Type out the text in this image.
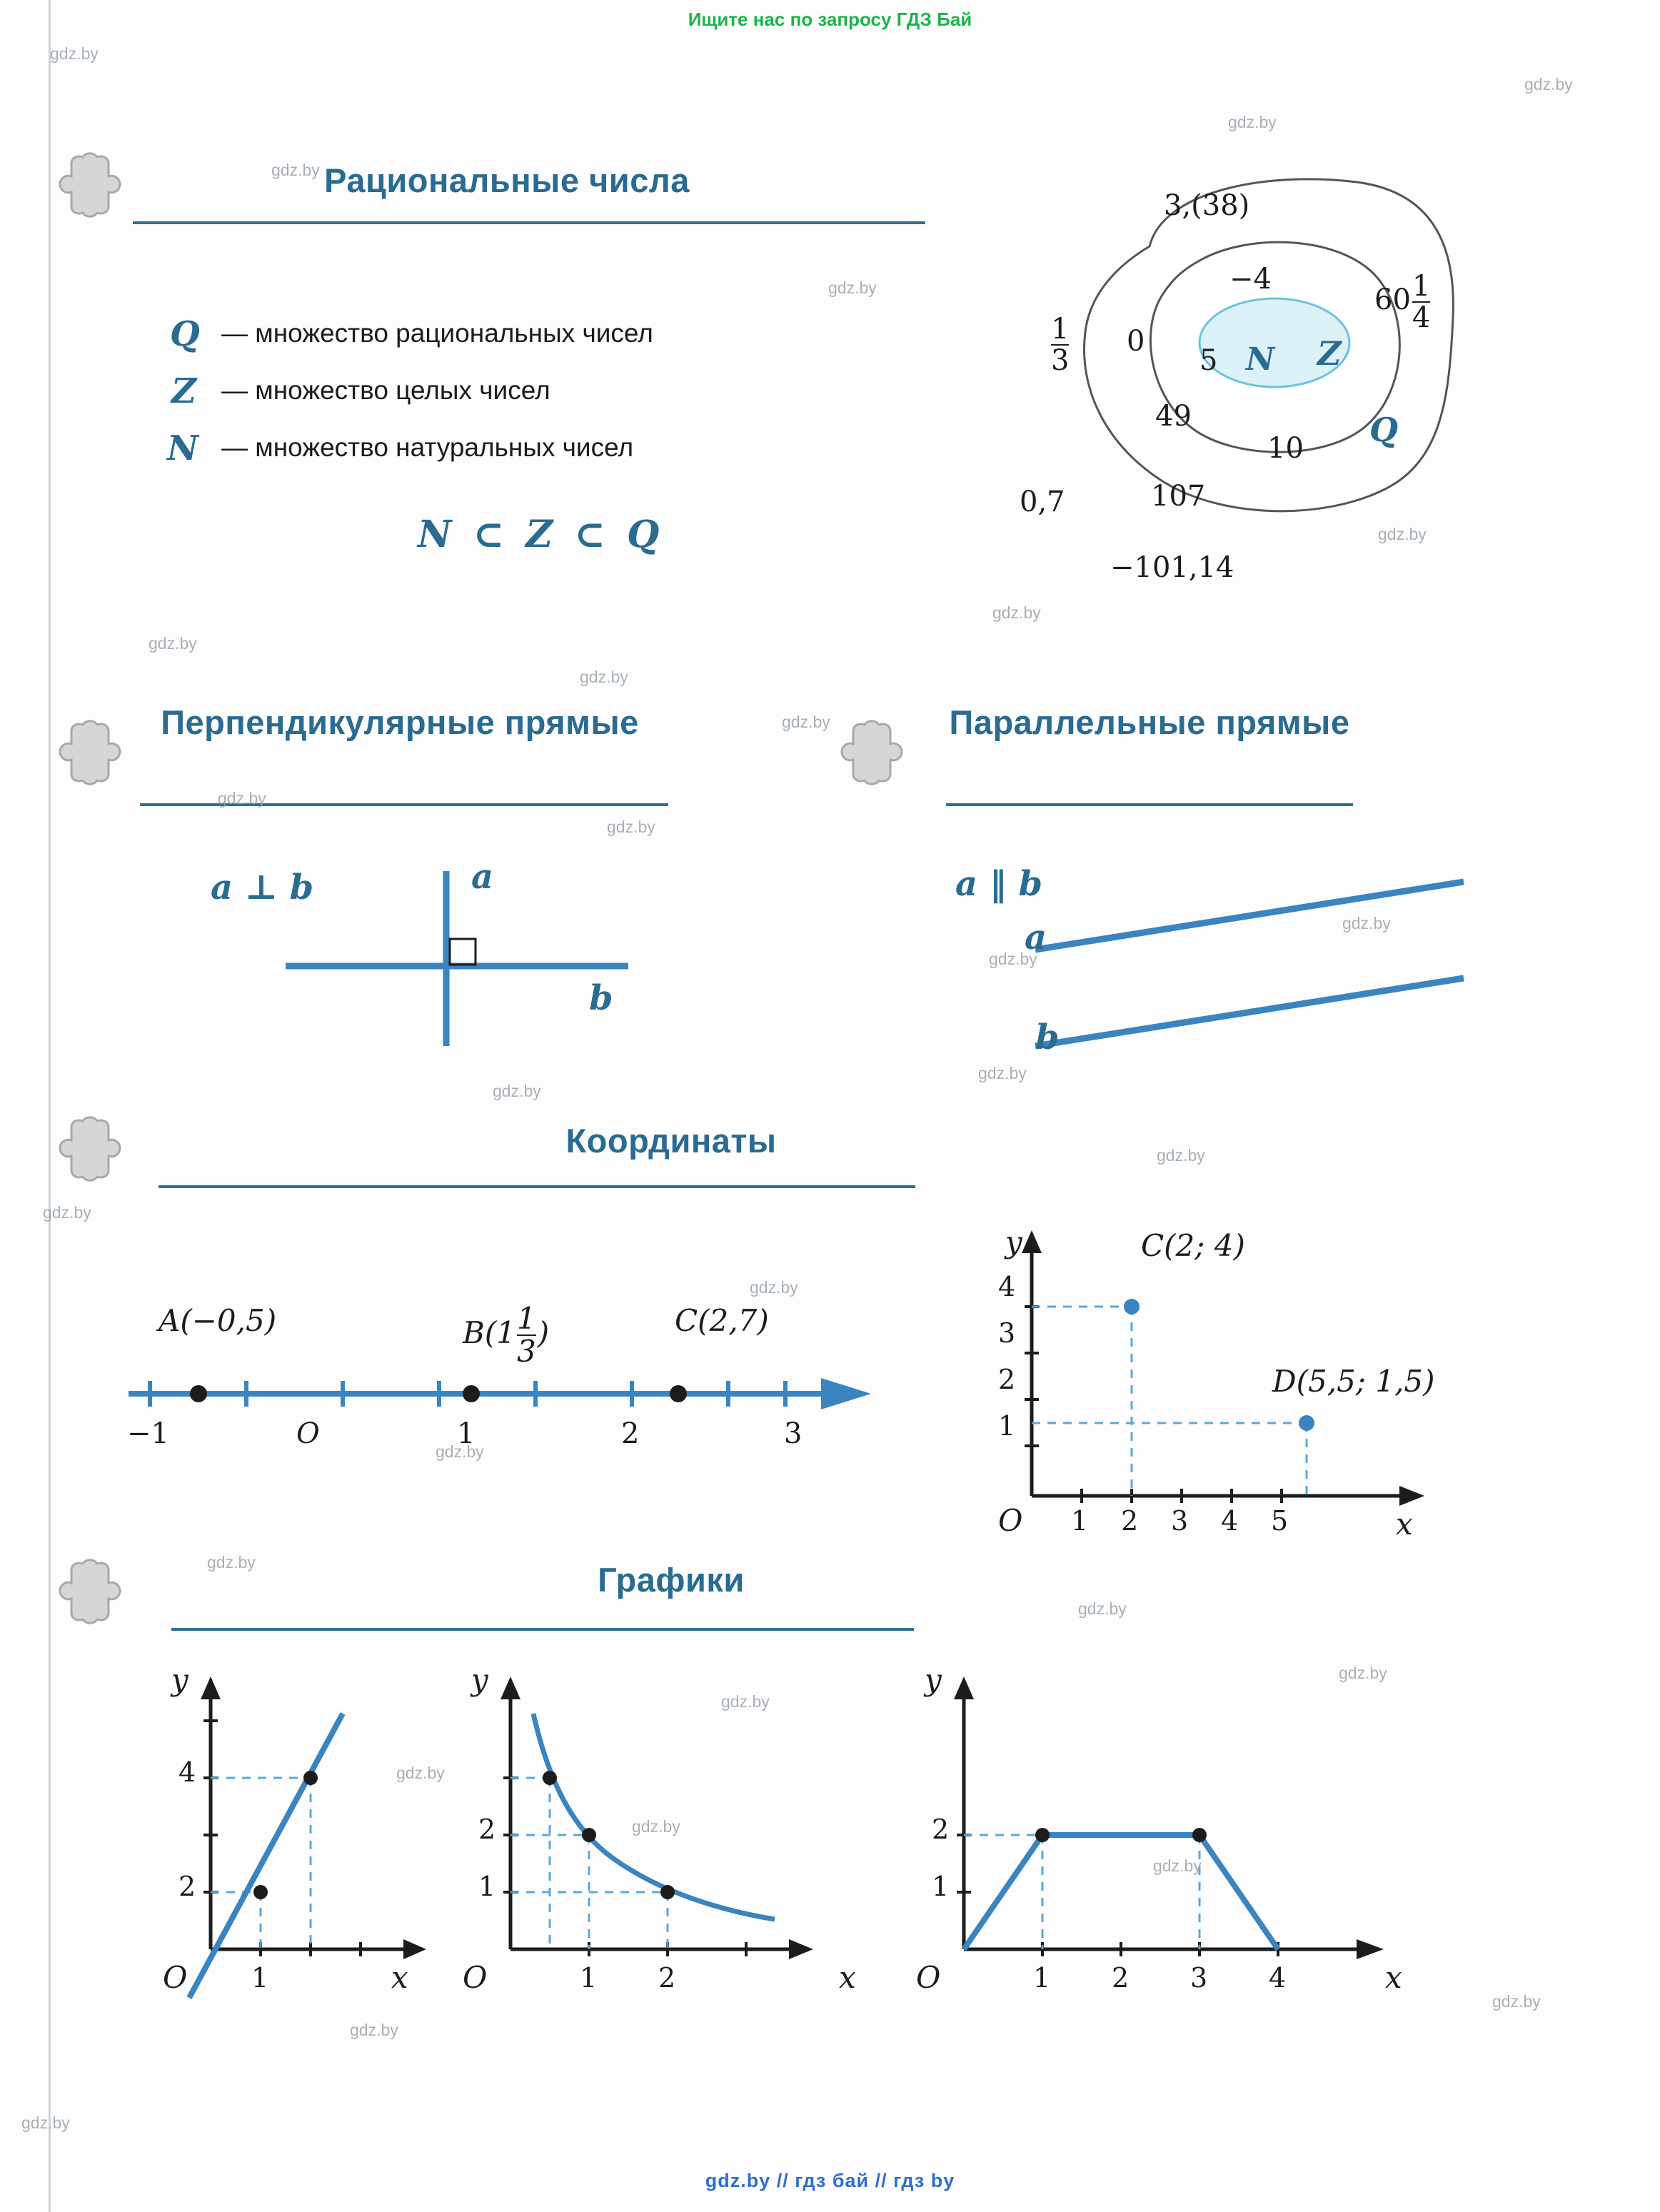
Ищите нас по запросу ГДЗ Бай
gdz.by // гдз бай // гдз by
Рациональные числа
Q — множество рациональных чисел
Z — множество целых чисел
N — множество натуральных чисел
N ⊂ Z ⊂ Q
3,(38)
−4
0
5
49
10
107
0,7
−101,14
$\frac{1}{3}$
$60 \frac{1}{4}$
N Z
Q
Перпендикулярные прямые
a ⊥ b	a
b
Параллельные прямые
a ‖ b
a
b
Координаты
−1	O	1	2	3
A(−0,5)	$B(1 \frac{1}{3}$ )	C(2,7)
y
x
O
1
2
3
4
1 2 3 4 5
C(2; 4)
D(5,5; 1,5)
Графики
y
x
O
2
4
1
y
x
O
1
2
1 2
y
x
O
1
2
1 2 3 4
gdz.by
gdz.by
gdz.by
gdz.by
gdz.by
gdz.by
gdz.by
gdz.by
gdz.by
gdz.by
gdz.by
gdz.by
gdz.by
gdz.by
gdz.by
gdz.by
gdz.by
gdz.by
gdz.by
gdz.by
gdz.by
gdz.by
gdz.by
gdz.by
gdz.by
gdz.by
gdz.by
gdz.by
gdz.by
gdz.by
